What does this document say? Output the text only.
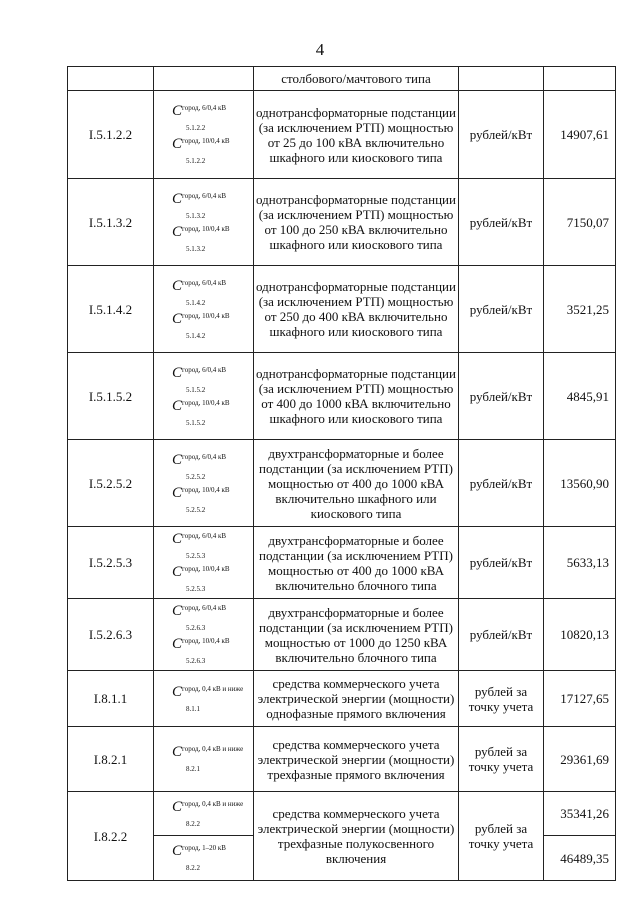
4
		столбового/мачтового типа		
I.5.1.2.2	$C^{город, 6/0,4 кВ}$
$_{5.1.2.2}$
$C^{город, 10/0,4 кВ}$
$_{5.1.2.2}$	однотрансформаторные подстанции (за исключением РТП) мощностью от 25 до 100 кВА включительно шкафного или киоскового типа	рублей/кВт	14907,61
I.5.1.3.2	$C^{город, 6/0,4 кВ}$
$_{5.1.3.2}$
$C^{город, 10/0,4 кВ}$
$_{5.1.3.2}$	однотрансформаторные подстанции (за исключением РТП) мощностью от 100 до 250 кВА включительно шкафного или киоскового типа	рублей/кВт	7150,07
I.5.1.4.2	$C^{город, 6/0,4 кВ}$
$_{5.1.4.2}$
$C^{город, 10/0,4 кВ}$
$_{5.1.4.2}$	однотрансформаторные подстанции (за исключением РТП) мощностью от 250 до 400 кВА включительно шкафного или киоскового типа	рублей/кВт	3521,25
I.5.1.5.2	$C^{город, 6/0,4 кВ}$
$_{5.1.5.2}$
$C^{город, 10/0,4 кВ}$
$_{5.1.5.2}$	однотрансформаторные подстанции (за исключением РТП) мощностью от 400 до 1000 кВА включительно шкафного или киоскового типа	рублей/кВт	4845,91
I.5.2.5.2	$C^{город, 6/0,4 кВ}$
$_{5.2.5.2}$
$C^{город, 10/0,4 кВ}$
$_{5.2.5.2}$	двухтрансформаторные и более подстанции (за исключением РТП) мощностью от 400 до 1000 кВА включительно шкафного или киоскового типа	рублей/кВт	13560,90
I.5.2.5.3	$C^{город, 6/0,4 кВ}$
$_{5.2.5.3}$
$C^{город, 10/0,4 кВ}$
$_{5.2.5.3}$	двухтрансформаторные и более подстанции (за исключением РТП) мощностью от 400 до 1000 кВА включительно блочного типа	рублей/кВт	5633,13
I.5.2.6.3	$C^{город, 6/0,4 кВ}$
$_{5.2.6.3}$
$C^{город, 10/0,4 кВ}$
$_{5.2.6.3}$	двухтрансформаторные и более подстанции (за исключением РТП) мощностью от 1000 до 1250 кВА включительно блочного типа	рублей/кВт	10820,13
I.8.1.1	$C^{город, 0,4 кВ и ниже}$
$_{8.1.1}$	средства коммерческого учета электрической энергии (мощности) однофазные прямого включения	рублей за точку учета	17127,65
I.8.2.1	$C^{город, 0,4 кВ и ниже}$
$_{8.2.1}$	средства коммерческого учета электрической энергии (мощности) трехфазные прямого включения	рублей за точку учета	29361,69
I.8.2.2	$C^{город, 0,4 кВ и ниже}$
$_{8.2.2}$	средства коммерческого учета электрической энергии (мощности) трехфазные полукосвенного включения	рублей за точку учета	35341,26

	$C^{город, 1-20 кВ}$
$_{8.2.2}$			46489,35
